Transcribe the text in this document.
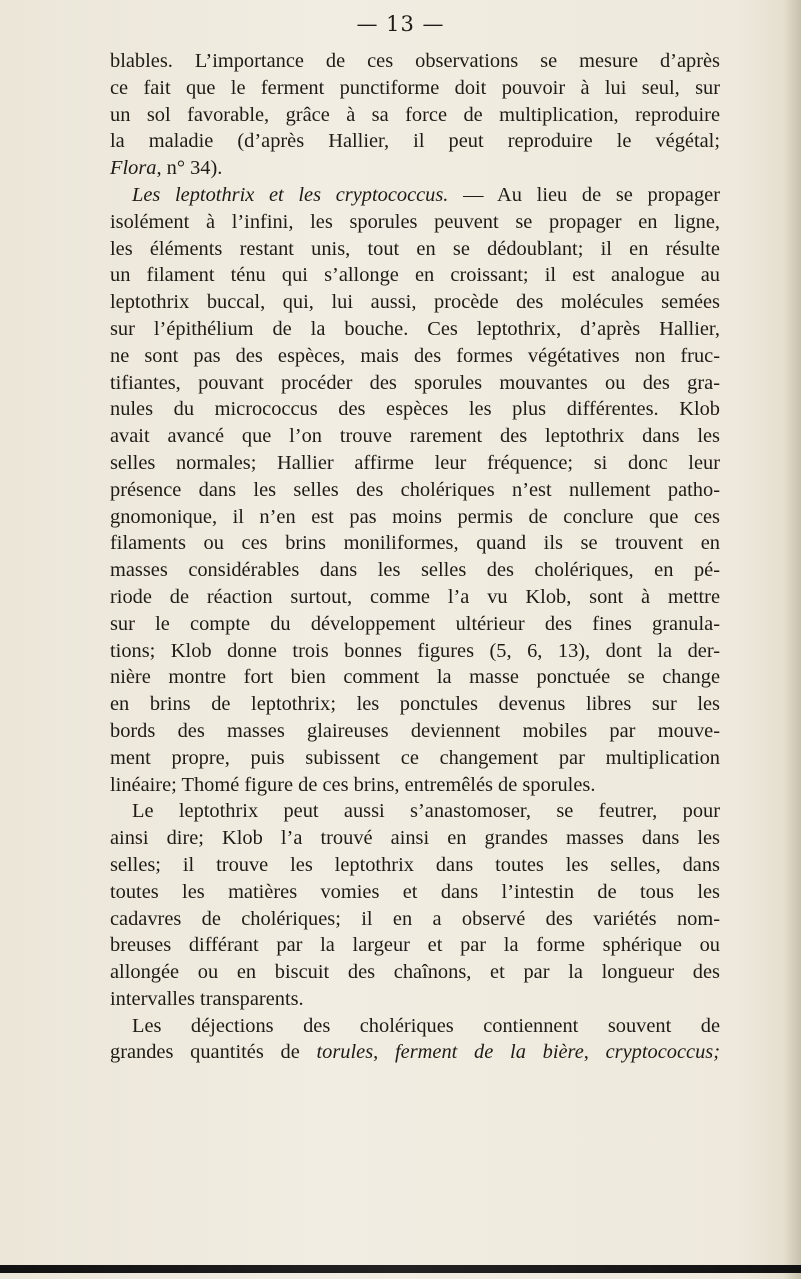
— 13 —
blables. L’importance de ces observations se mesure d’après
ce fait que le ferment punctiforme doit pouvoir à lui seul, sur
un sol favorable, grâce à sa force de multiplication, reproduire
la maladie (d’après Hallier, il peut reproduire le végétal;
Flora, n° 34).
Les leptothrix et les cryptococcus. — Au lieu de se propager
isolément à l’infini, les sporules peuvent se propager en ligne,
les éléments restant unis, tout en se dédoublant; il en résulte
un filament ténu qui s’allonge en croissant; il est analogue au
leptothrix buccal, qui, lui aussi, procède des molécules semées
sur l’épithélium de la bouche. Ces leptothrix, d’après Hallier,
ne sont pas des espèces, mais des formes végétatives non fruc-
tifiantes, pouvant procéder des sporules mouvantes ou des gra-
nules du micrococcus des espèces les plus différentes. Klob
avait avancé que l’on trouve rarement des leptothrix dans les
selles normales; Hallier affirme leur fréquence; si donc leur
présence dans les selles des cholériques n’est nullement patho-
gnomonique, il n’en est pas moins permis de conclure que ces
filaments ou ces brins moniliformes, quand ils se trouvent en
masses considérables dans les selles des cholériques, en pé-
riode de réaction surtout, comme l’a vu Klob, sont à mettre
sur le compte du développement ultérieur des fines granula-
tions; Klob donne trois bonnes figures (5, 6, 13), dont la der-
nière montre fort bien comment la masse ponctuée se change
en brins de leptothrix; les ponctules devenus libres sur les
bords des masses glaireuses deviennent mobiles par mouve-
ment propre, puis subissent ce changement par multiplication
linéaire; Thomé figure de ces brins, entremêlés de sporules.
Le leptothrix peut aussi s’anastomoser, se feutrer, pour
ainsi dire; Klob l’a trouvé ainsi en grandes masses dans les
selles; il trouve les leptothrix dans toutes les selles, dans
toutes les matières vomies et dans l’intestin de tous les
cadavres de cholériques; il en a observé des variétés nom-
breuses différant par la largeur et par la forme sphérique ou
allongée ou en biscuit des chaînons, et par la longueur des
intervalles transparents.
Les déjections des cholériques contiennent souvent de
grandes quantités de torules, ferment de la bière, cryptococcus;
